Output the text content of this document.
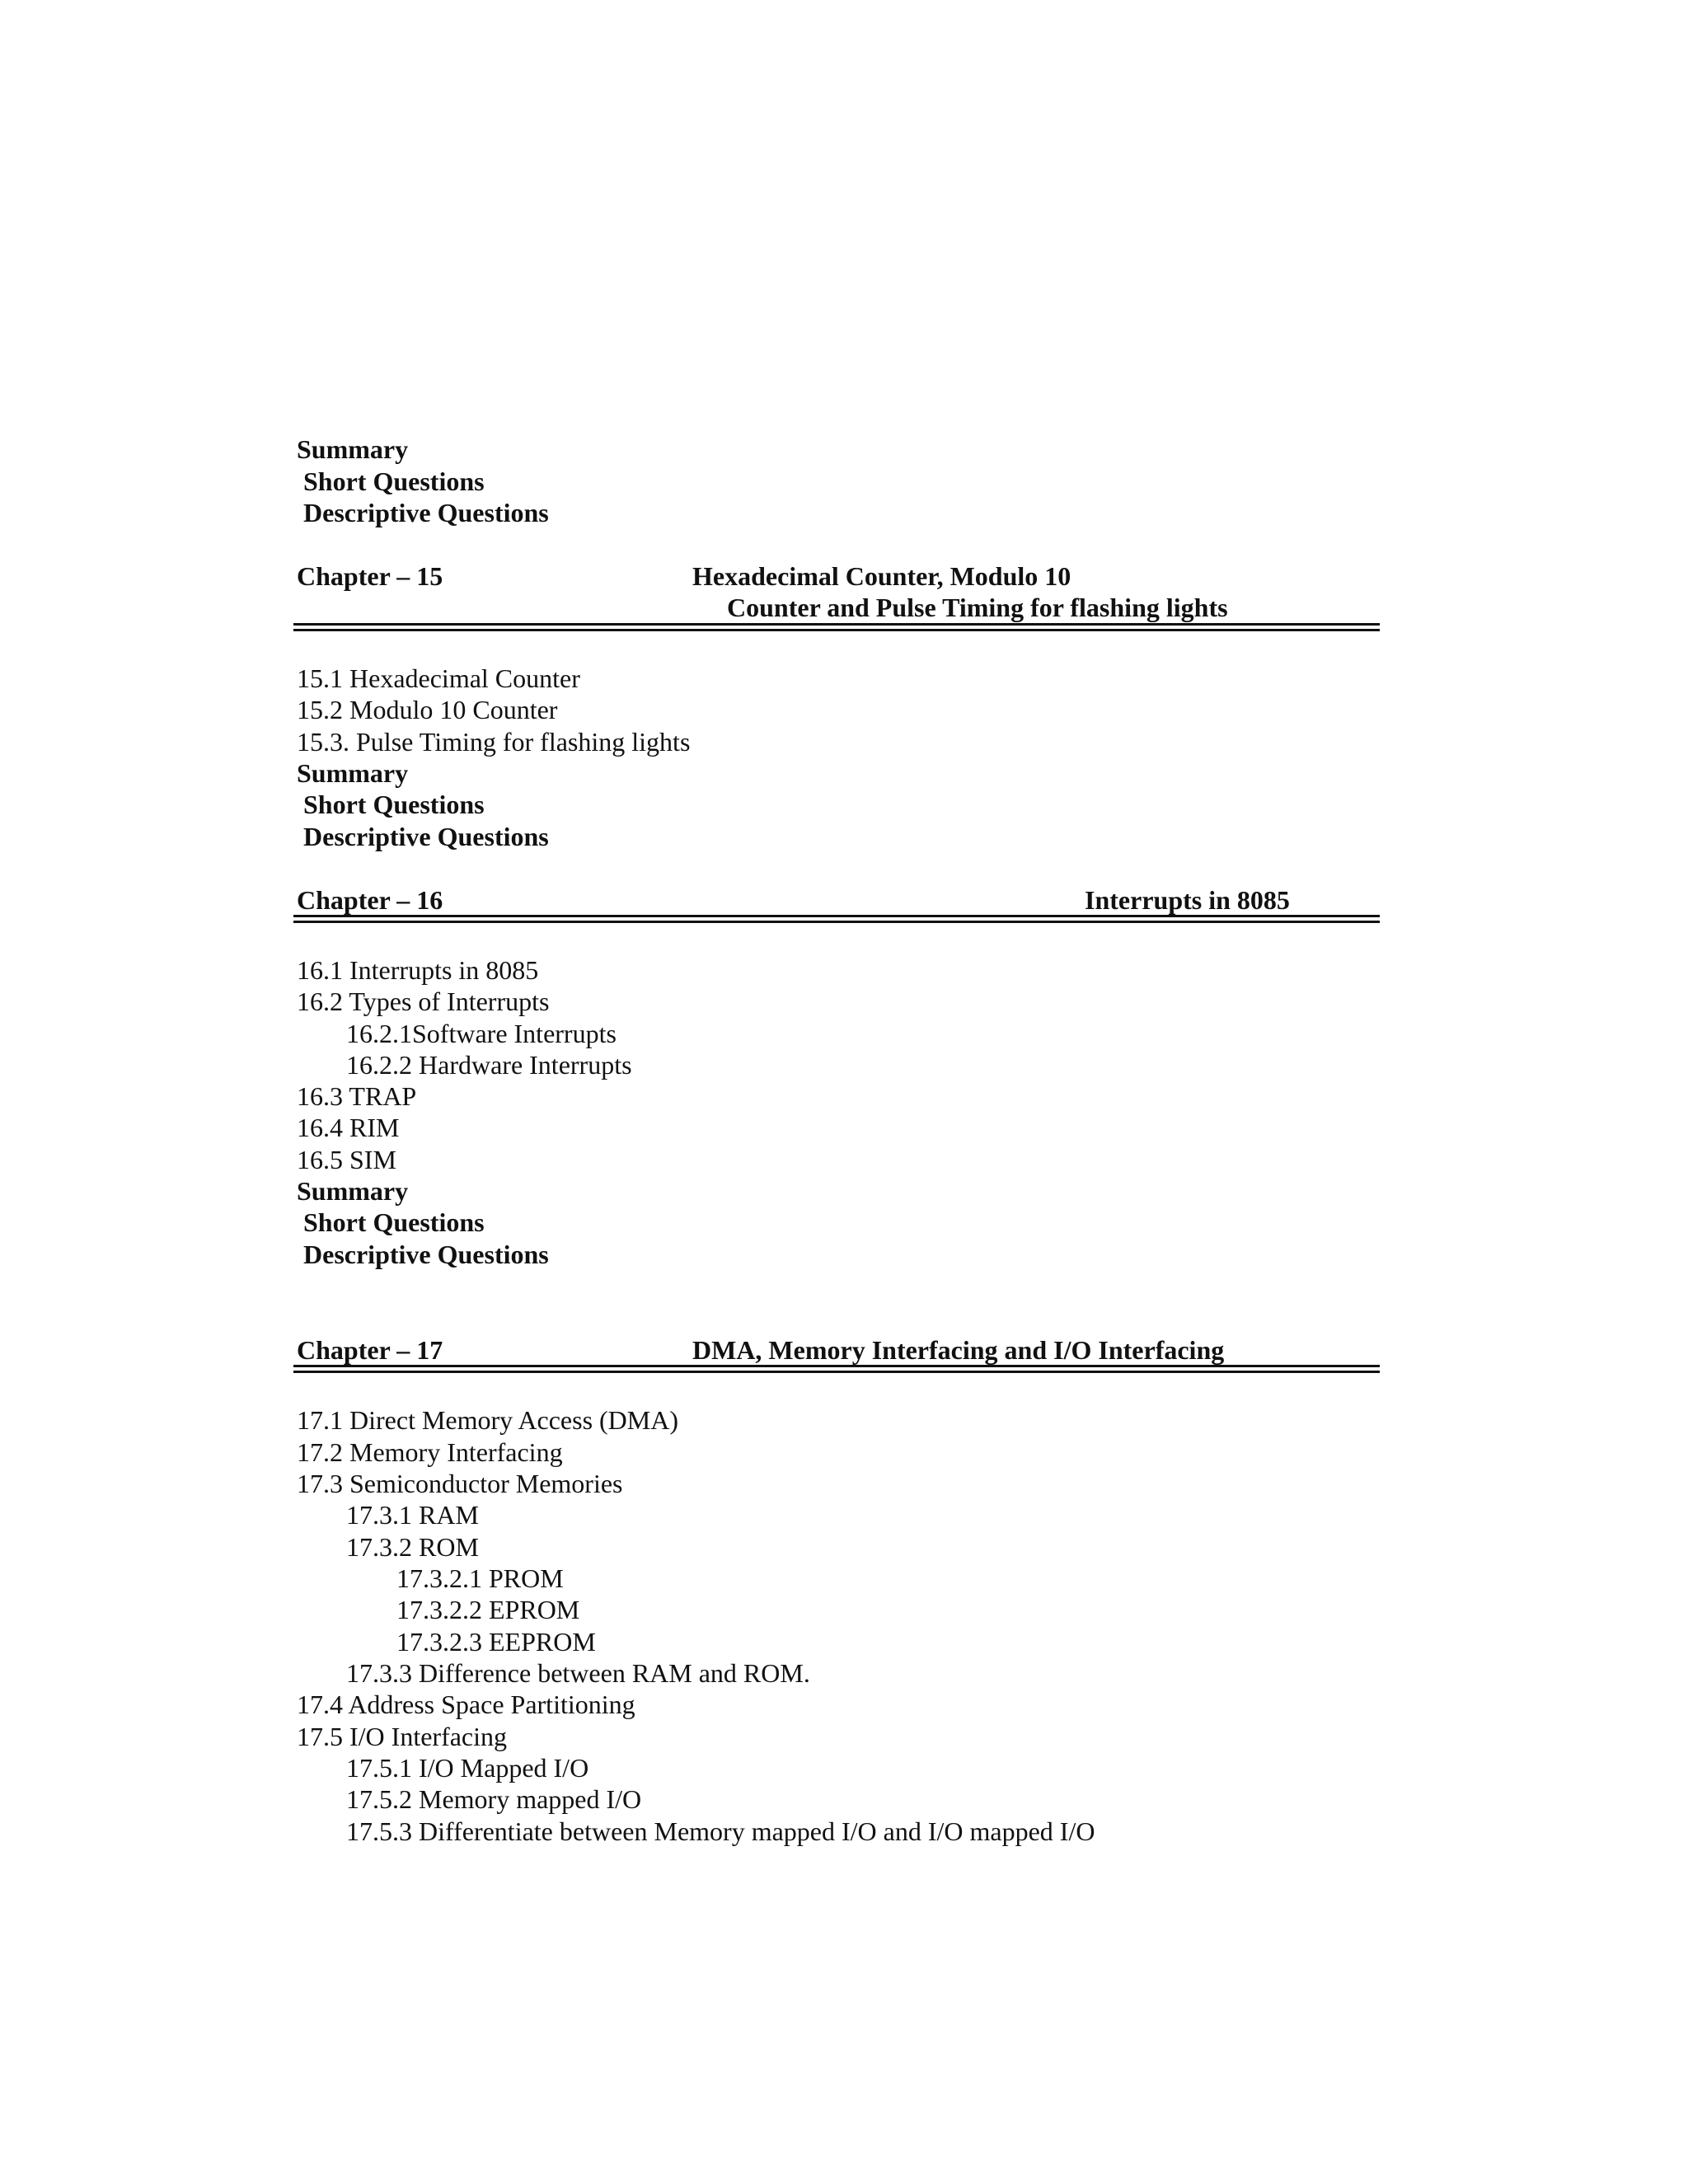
Summary
Short Questions
Descriptive Questions
Chapter – 15	Hexadecimal Counter, Modulo 10
Counter and Pulse Timing for flashing lights
15.1 Hexadecimal Counter
15.2 Modulo 10 Counter
15.3. Pulse Timing for flashing lights
Summary
Short Questions
Descriptive Questions
Chapter – 16	Interrupts in 8085
16.1 Interrupts in 8085
16.2 Types of Interrupts
16.2.1Software Interrupts
16.2.2 Hardware Interrupts
16.3 TRAP
16.4 RIM
16.5 SIM
Summary
Short Questions
Descriptive Questions
Chapter – 17	DMA, Memory Interfacing and I/O Interfacing
17.1 Direct Memory Access (DMA)
17.2 Memory Interfacing
17.3 Semiconductor Memories
17.3.1 RAM
17.3.2 ROM
17.3.2.1 PROM
17.3.2.2 EPROM
17.3.2.3 EEPROM
17.3.3 Difference between RAM and ROM.
17.4 Address Space Partitioning
17.5 I/O Interfacing
17.5.1 I/O Mapped I/O
17.5.2 Memory mapped I/O
17.5.3 Differentiate between Memory mapped I/O and I/O mapped I/O
